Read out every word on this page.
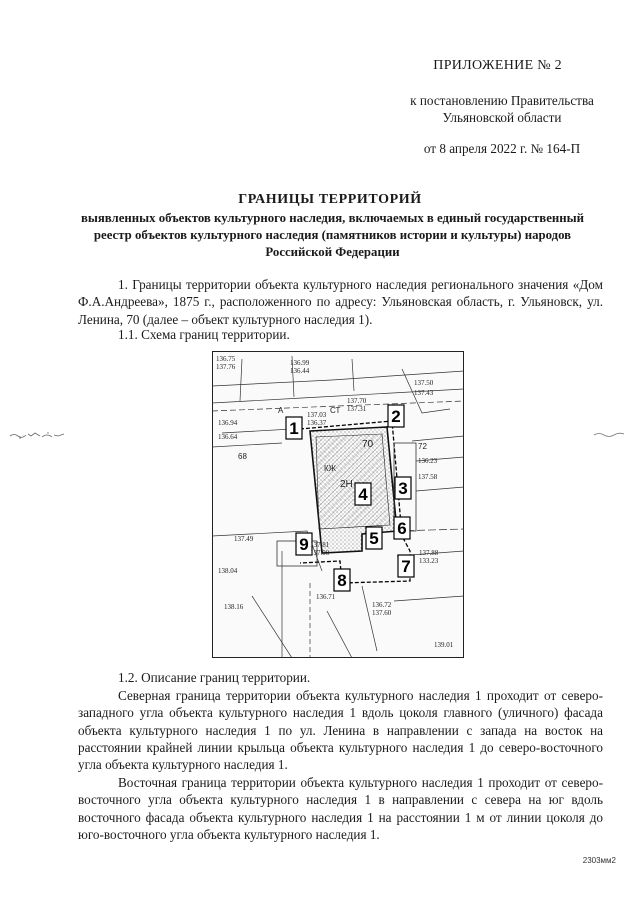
ПРИЛОЖЕНИЕ № 2
к постановлению Правительства
Ульяновской области
от 8 апреля 2022 г. № 164-П
ГРАНИЦЫ ТЕРРИТОРИЙ
выявленных объектов культурного наследия, включаемых в единый государственный реестр объектов культурного наследия (памятников истории и культуры) народов Российской Федерации
1. Границы территории объекта культурного наследия регионального значения «Дом Ф.А.Андреева», 1875 г., расположенного по адресу: Ульяновская область, г. Ульяновск, ул. Ленина, 70 (далее – объект культурного наследия 1).
1.1. Схема границ территории.
1
2
3
4
5
6
7
8
9
136.75
137.76
136.94
136.64
137.03
136.37
136.99
136.44
137.70
137.31
137.50
137.43
137.81
137.00	137.88
133.23
137.49
138.04
136.23
137.58
138.16
136.71
137.60
136.72
139.01
68
72
2Н
70
КЖ
А	СТ
1.2. Описание границ территории.
Северная граница территории объекта культурного наследия 1 проходит от северо-западного угла объекта культурного наследия 1 вдоль цоколя главного (уличного) фасада объекта культурного наследия 1 по ул. Ленина в направлении с запада на восток на расстоянии крайней линии крыльца объекта культурного наследия 1 до северо-восточного угла объекта культурного наследия 1.
Восточная граница территории объекта культурного наследия 1 проходит от северо-восточного угла объекта культурного наследия 1 в направлении с севера на юг вдоль восточного фасада объекта культурного наследия 1 на расстоянии 1 м от линии цоколя до юго-восточного угла объекта культурного наследия 1.
2303мм2
